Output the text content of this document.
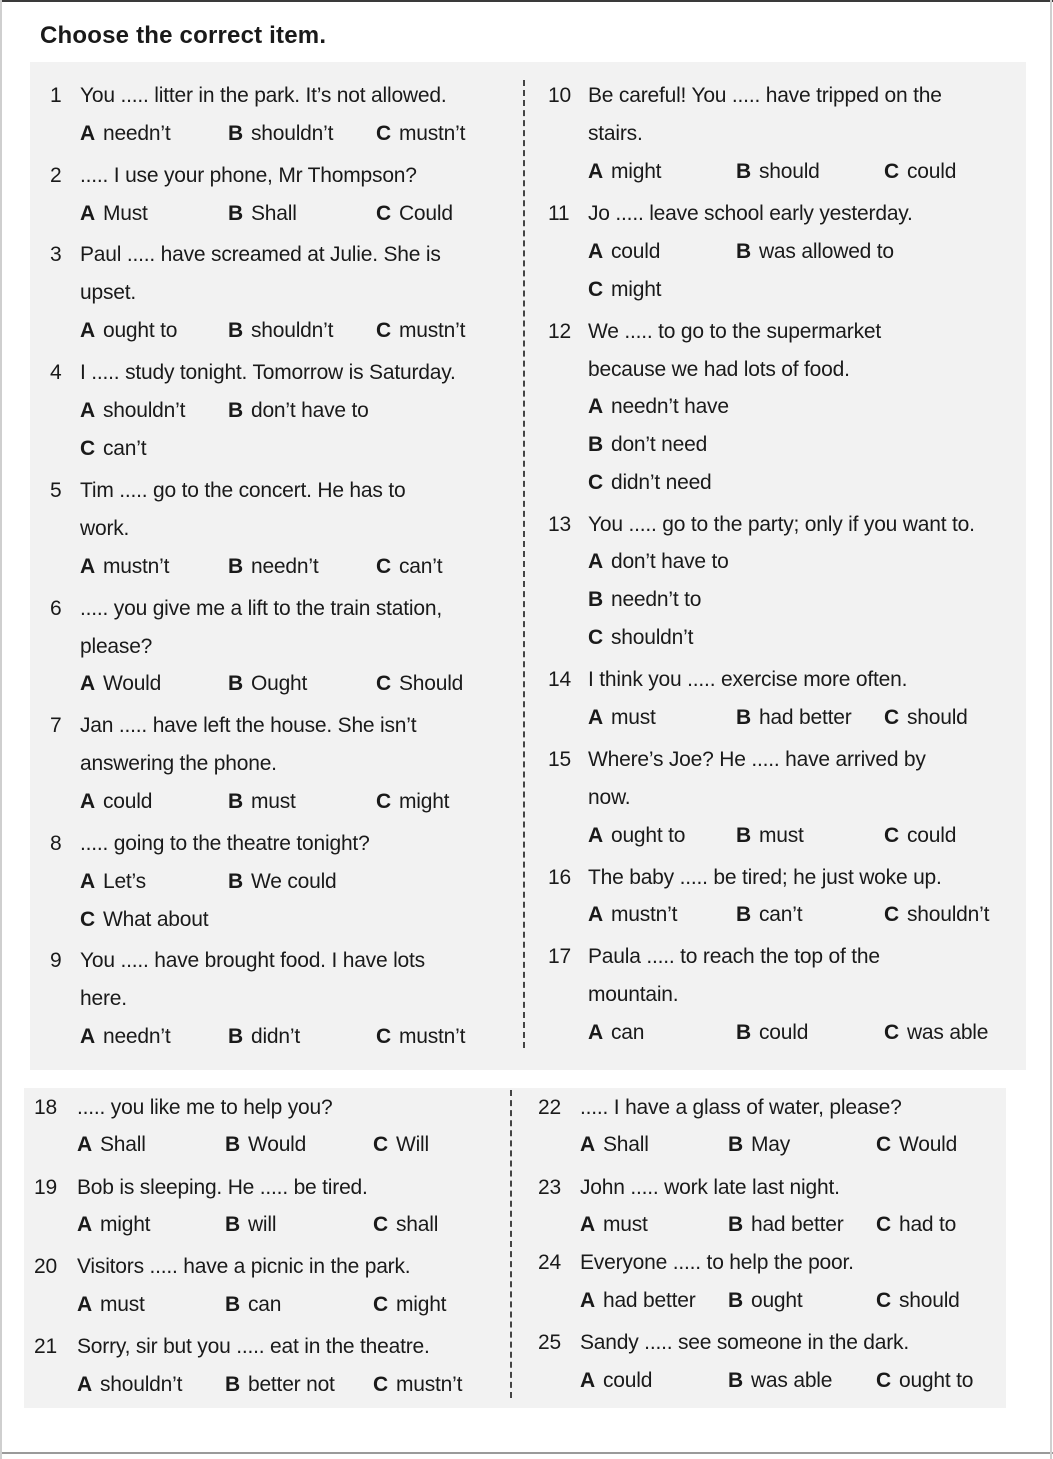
Choose the correct item.
1 You ..... litter in the park. It’s not allowed.
A needn’t	B shouldn’t C mustn’t
2 ..... I use your phone, Mr Thompson?
A Must	B Shall	C Could
3 Paul ..... have screamed at Julie. She is
upset.
A ought to B shouldn’t C mustn’t
4 I ..... study tonight. Tomorrow is Saturday.
A shouldn’t B don’t have to
C can’t
5 Tim ..... go to the concert. He has to
work.
A mustn’t	B needn’t	C can’t
6 ..... you give me a lift to the train station,
please?
A Would	B Ought	C Should
7 Jan ..... have left the house. She isn’t
answering the phone.
A could	B must	C might
8 ..... going to the theatre tonight?
A Let’s	B We could
C What about
9 You ..... have brought food. I have lots
here.
A needn’t	B didn’t	C mustn’t
10 Be careful! You ..... have tripped on the
stairs.
A might	B should	C could
11 Jo ..... leave school early yesterday.
A could	B was allowed to
C might
12 We ..... to go to the supermarket
because we had lots of food.
A needn’t have
B don’t need
C didn’t need
13 You ..... go to the party; only if you want to.
A don’t have to
B needn’t to
C shouldn’t
14 I think you ..... exercise more often.
A must	B had better C should
15 Where’s Joe? He ..... have arrived by
now.
A ought to B must	C could
16 The baby ..... be tired; he just woke up.
A mustn’t	B can’t	C shouldn’t
17 Paula ..... to reach the top of the
mountain.
A can	B could	C was able
18 ..... you like me to help you?
A Shall	B Would	C Will
19 Bob is sleeping. He ..... be tired.
A might	B will	C shall
20 Visitors ..... have a picnic in the park.
A must	B can	C might
21 Sorry, sir but you ..... eat in the theatre.
A shouldn’t B better not C mustn’t
22 ..... I have a glass of water, please?
A Shall	B May	C Would
23 John ..... work late last night.
A must	B had better C had to
24 Everyone ..... to help the poor.
A had better B ought	C should
25 Sandy ..... see someone in the dark.
A could	B was able C ought to
